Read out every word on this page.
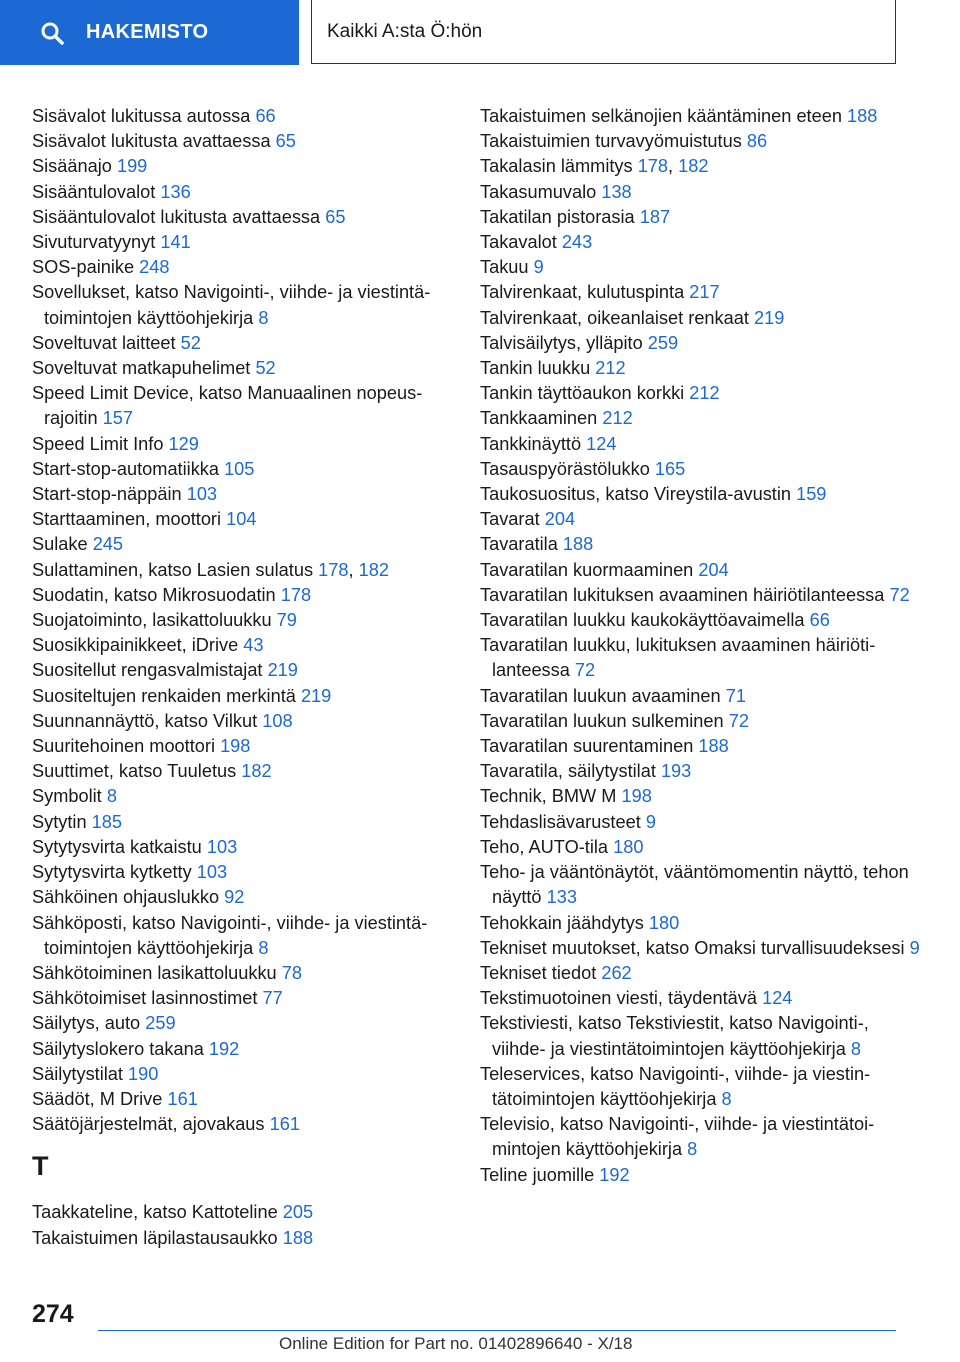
HAKEMISTO	Kaikki A:sta Ö:hön
Sisävalot lukitussa autossa 66
Sisävalot lukitusta avattaessa 65
Sisäänajo 199
Sisääntulovalot 136
Sisääntulovalot lukitusta avattaessa 65
Sivuturvatyynyt 141
SOS-painike 248
Sovellukset, katso Navigointi-, viihde- ja viestintätoimintojen käyttöohjekirja 8
Soveltuvat laitteet 52
Soveltuvat matkapuhelimet 52
Speed Limit Device, katso Manuaalinen nopeusrajoitin 157
Speed Limit Info 129
Start-stop-automatiikka 105
Start-stop-näppäin 103
Starttaaminen, moottori 104
Sulake 245
Sulattaminen, katso Lasien sulatus 178, 182
Suodatin, katso Mikrosuodatin 178
Suojatoiminto, lasikattoluukku 79
Suosikkipainikkeet, iDrive 43
Suositellut rengasvalmistajat 219
Suositeltujen renkaiden merkintä 219
Suunnannäyttö, katso Vilkut 108
Suuritehoinen moottori 198
Suuttimet, katso Tuuletus 182
Symbolit 8
Sytytin 185
Sytytysvirta katkaistu 103
Sytytysvirta kytketty 103
Sähköinen ohjauslukko 92
Sähköposti, katso Navigointi-, viihde- ja viestintätoimintojen käyttöohjekirja 8
Sähkötoiminen lasikattoluukku 78
Sähkötoimiset lasinnostimet 77
Säilytys, auto 259
Säilytyslokero takana 192
Säilytystilat 190
Säädöt, M Drive 161
Säätöjärjestelmät, ajovakaus 161
T
Taakkateline, katso Kattoteline 205
Takaistuimen läpilastausaukko 188
Takaistuimen selkänojien kääntäminen eteen 188
Takaistuimien turvavyömuistutus 86
Takalasin lämmitys 178, 182
Takasumuvalo 138
Takatilan pistorasia 187
Takavalot 243
Takuu 9
Talvirenkaat, kulutuspinta 217
Talvirenkaat, oikeanlaiset renkaat 219
Talvisäilytys, ylläpito 259
Tankin luukku 212
Tankin täyttöaukon korkki 212
Tankkaaminen 212
Tankkinäyttö 124
Tasauspyörästölukko 165
Taukosuositus, katso Vireystila-avustin 159
Tavarat 204
Tavaratila 188
Tavaratilan kuormaaminen 204
Tavaratilan lukituksen avaaminen häiriötilanteessa 72
Tavaratilan luukku kaukokäyttöavaimella 66
Tavaratilan luukku, lukituksen avaaminen häiriötilanteessa 72
Tavaratilan luukun avaaminen 71
Tavaratilan luukun sulkeminen 72
Tavaratilan suurentaminen 188
Tavaratila, säilytystilat 193
Technik, BMW M 198
Tehdaslisävarusteet 9
Teho, AUTO-tila 180
Teho- ja vääntönäytöt, vääntömomentin näyttö, tehon näyttö 133
Tehokkain jäähdytys 180
Tekniset muutokset, katso Omaksi turvallisuudeksesi 9
Tekniset tiedot 262
Tekstimuotoinen viesti, täydentävä 124
Tekstiviesti, katso Tekstiviestit, katso Navigointi-, viihde- ja viestintätoimintojen käyttöohjekirja 8
Teleservices, katso Navigointi-, viihde- ja viestintätoimintojen käyttöohjekirja 8
Televisio, katso Navigointi-, viihde- ja viestintätoimintojen käyttöohjekirja 8
Teline juomille 192
274
Online Edition for Part no. 01402896640 - X/18
